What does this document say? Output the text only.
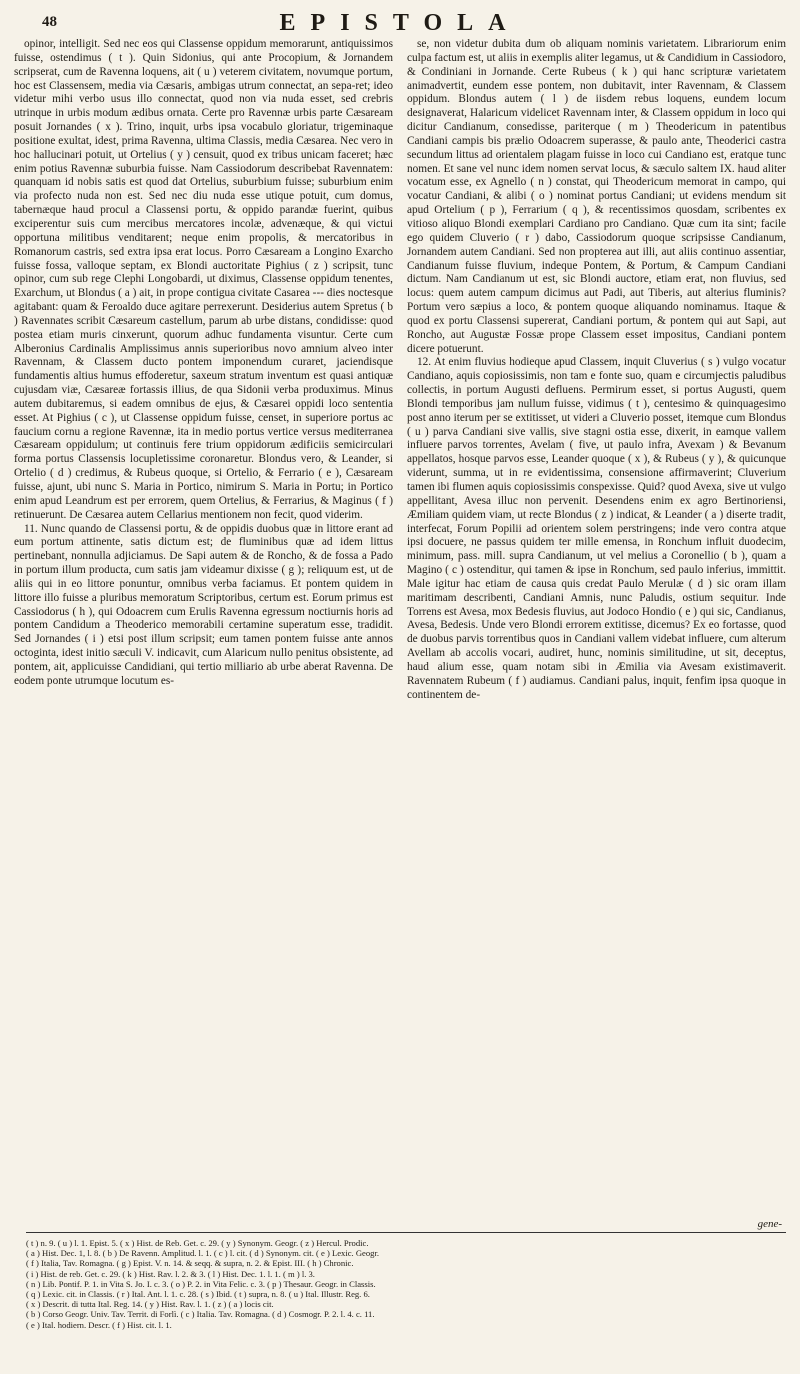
48	EPISTOLA

opinor, intelligit. Sed nec eos qui Classense oppidum memorarunt, antiquissimos fuisse, ostendimus ( t ). Quin Sidonius, qui ante Procopium, & Jornandem scripserat, cum de Ravenna loquens, ait ( u ) veterem civitatem, novumque portum, hoc est Classensem, media via Cæsaris, ambigas utrum connectat, an sepa-ret; ideo videtur mihi verbo usus illo connectat, quod non via nuda esset, sed crebris utrinque in urbis modum ædibus ornata. Certe pro Ravennæ urbis parte Cæsaream posuit Jornandes ( x ). Trino, inquit, urbs ipsa vocabulo gloriatur, trigeminaque positione exultat, idest, prima Ravenna, ultima Classis, media Cæsarea. Nec vero in hoc hallucinari potuit, ut Ortelius ( y ) censuit, quod ex tribus unicam faceret; hæc enim potius Ravennæ suburbia fuisse. Nam Cassiodorum describebat Ravennatem: quanquam id nobis satis est quod dat Ortelius, suburbium fuisse; suburbium enim via profecto nuda non est. Sed nec diu nuda esse utique potuit, cum domus, tabernæque haud procul a Classensi portu, & oppido parandæ fuerint, quibus exciperentur suis cum mercibus mercatores incolæ, advenæque, & qui victui opportuna militibus venditarent; neque enim propolis, & mercatoribus in Romanorum castris, sed extra ipsa erat locus. Porro Cæsaream a Longino Exarcho fuisse fossa, valloque septam, ex Blondi auctoritate Pighius ( z ) scripsit, tunc opinor, cum sub rege Clephi Longobardi, ut diximus, Classense oppidum tenentes, Exarchum, ut Blondus ( a ) ait, in prope contigua civitate Casarea --- dies noctesque agitabant: quam & Feroaldo duce agitare perrexerunt. Desiderius autem Spretus ( b ) Ravennates scribit Cæsareum castellum, parum ab urbe distans, condidisse: quod postea etiam muris cinxerunt, quorum adhuc fundamenta visuntur. Certe cum Alberonius Cardinalis Amplissimus annis superioribus novo amnium alveo inter Ravennam, & Classem ducto pontem imponendum curaret, jaciendisque fundamentis altius humus effoderetur, saxeum stratum inventum est quasi antiquæ cujusdam viæ, Cæsareæ fortassis illius, de qua Sidonii verba produximus. Minus autem dubitaremus, si eadem omnibus de ejus, & Cæsarei oppidi loco sententia esset. At Pighius ( c ), ut Classense oppidum fuisse, censet, in superiore portus ac faucium cornu a regione Ravennæ, ita in medio portus vertice versus mediterranea Cæsaream oppidulum; ut continuis fere trium oppidorum ædificiis semicirculari forma portus Classensis locupletissime coronaretur. Blondus vero, & Leander, si Ortelio ( d ) credimus, & Rubeus quoque, si Ortelio, & Ferrario ( e ), Cæsaream fuisse, ajunt, ubi nunc S. Maria in Portico, nimirum S. Maria in Portu; in Portico enim apud Leandrum est per errorem, quem Ortelius, & Ferrarius, & Maginus ( f ) retinuerunt. De Cæsarea autem Cellarius mentionem non fecit, quod viderim.

11. Nunc quando de Classensi portu, & de oppidis duobus quæ in littore erant ad eum portum attinente, satis dictum est; de fluminibus quæ ad idem littus pertinebant, nonnulla adjiciamus. De Sapi autem & de Roncho, & de fossa a Pado in portum illum producta, cum satis jam videamur dixisse ( g ); reliquum est, ut de aliis qui in eo littore ponuntur, omnibus verba faciamus. Et pontem quidem in littore illo fuisse a pluribus memoratum Scriptoribus, certum est. Eorum primus est Cassiodorus ( h ), qui Odoacrem cum Erulis Ravenna egressum noctiurnis horis ad pontem Candidum a Theoderico memorabili certamine superatum esse, tradidit. Sed Jornandes ( i ) etsi post illum scripsit; eum tamen pontem fuisse ante annos octoginta, idest initio sæculi V. indicavit, cum Alaricum nullo penitus obsistente, ad pontem, ait, applicuisse Candidiani, qui tertio milliario ab urbe aberat Ravenna. De eodem ponte utrumque locutum es-

se, non videtur dubita dum ob aliquam nominis varietatem. Librariorum enim culpa factum est, ut aliis in exemplis aliter legamus, ut & Candidium in Cassiodoro, & Condiniani in Jornande. Certe Rubeus ( k ) qui hanc scripturæ varietatem animadvertit, eundem esse pontem, non dubitavit, inter Ravennam, & Classem oppidum. Blondus autem ( l ) de iisdem rebus loquens, eundem locum designaverat, Halaricum videlicet Ravennam inter, & Classem oppidum in loco qui dicitur Candianum, consedisse, pariterque ( m ) Theodericum in patentibus Candiani campis bis prælio Odoacrem superasse, & paulo ante, Theoderici castra secundum littus ad orientalem plagam fuisse in loco cui Candiano est, eratque tunc nomen. Et sane vel nunc idem nomen servat locus, & sæculo saltem IX. haud aliter vocatum esse, ex Agnello ( n ) constat, qui Theodericum memorat in campo, qui vocatur Candiani, & alibi ( o ) nominat portus Candiani; ut evidens mendum sit apud Ortelium ( p ), Ferrarium ( q ), & recentissimos quosdam, scribentes ex vitioso aliquo Blondi exemplari Cardiano pro Candiano. Quæ cum ita sint; facile ego quidem Cluverio ( r ) dabo, Cassiodorum quoque scripsisse Candianum, Jornandem autem Candiani. Sed non propterea aut illi, aut aliis continuo assentiar, Candianum fuisse fluvium, indeque Pontem, & Portum, & Campum Candiani dictum. Nam Candianum ut est, sic Blondi auctore, etiam erat, non fluvius, sed locus: quem autem campum dicimus aut Padi, aut Tiberis, aut alterius fluminis? Portum vero sæpius a loco, & pontem quoque aliquando nominamus. Itaque & quod ex portu Classensi supererat, Candiani portum, & pontem qui aut Sapi, aut Roncho, aut Augustæ Fossæ prope Classem esset impositus, Candiani pontem dicere potuerunt.

12. At enim fluvius hodieque apud Classem, inquit Cluverius ( s ) vulgo vocatur Candiano, aquis copiosissimis, non tam e fonte suo, quam e circumjectis paludibus collectis, in portum Augusti defluens. Permirum esset, si portus Augusti, quem Blondi temporibus jam nullum fuisse, vidimus ( t ), centesimo & quinquagesimo post anno iterum per se extitisset, ut videri a Cluverio posset, itemque cum Blondus ( u ) parva Candiani sive vallis, sive stagni ostia esse, dixerit, in eamque vallem influere parvos torrentes, Avelam ( five, ut paulo infra, Avexam ) & Bevanum appellatos, hosque parvos esse, Leander quoque ( x ), & Rubeus ( y ), & quicunque viderunt, summa, ut in re evidentissima, consensione affirmaverint; Cluverium tamen ibi flumen aquis copiosissimis conspexisse. Quid? quod Avexa, sive ut vulgo appellitant, Avesa illuc non pervenit. Desendens enim ex agro Bertinoriensi, Æmiliam quidem viam, ut recte Blondus ( z ) indicat, & Leander ( a ) diserte tradit, interfecat, Forum Popilii ad orientem solem perstringens; inde vero contra atque ipsi docuere, ne passus quidem ter mille emensa, in Ronchum influit duodecim, minimum, pass. mill. supra Candianum, ut vel melius a Coronellio ( b ), quam a Magino ( c ) ostenditur, qui tamen & ipse in Ronchum, sed paulo inferius, immittit. Male igitur hac etiam de causa quis credat Paulo Merulæ ( d ) sic oram illam maritimam describenti, Candiani Amnis, nunc Paludis, ostium sequitur. Inde Torrens est Avesa, mox Bedesis fluvius, aut Jodoco Hondio ( e ) qui sic, Candianus, Avesa, Bedesis. Unde vero Blondi errorem extitisse, dicemus? Ex eo fortasse, quod de duobus parvis torrentibus quos in Candiani vallem videbat influere, cum alterum Avellam ab accolis vocari, audiret, hunc, nominis similitudine, ut sit, deceptus, haud alium esse, quam notam sibi in Æmilia via Avesam existimaverit. Ravennatem Rubeum ( f ) audiamus. Candiani palus, inquit, fenfim ipsa quoque in continentem de-

gene-
( t ) n. 9. ( u ) l. 1. Epist. 5. ( x ) Hist. de Reb. Get. c. 29. ( y ) Synonym. Geogr. ( z ) Hercul. Prodic.
( a ) Hist. Dec. 1, l. 8. ( b ) De Ravenn. Amplitud. l. 1. ( c ) l. cit. ( d ) Synonym. cit. ( e ) Lexic. Geogr.
( f ) Italia, Tav. Romagna. ( g ) Epist. V. n. 14. & seqq. & supra, n. 2. & Epist. III. ( h ) Chronic.
( i ) Hist. de reb. Get. c. 29. ( k ) Hist. Rav. l. 2. & 3. ( l ) Hist. Dec. 1. l. 1. ( m ) l. 3.
( n ) Lib. Pontif. P. 1. in Vita S. Jo. I. c. 3. ( o ) P. 2. in Vita Felic. c. 3. ( p ) Thesaur. Geogr. in Classis.
( q ) Lexic. cit. in Classis. ( r ) Ital. Ant. l. 1. c. 28. ( s ) Ibid. ( t ) supra, n. 8. ( u ) Ital. Illustr. Reg. 6.
( x ) Descrit. di tutta Ital. Reg. 14. ( y ) Hist. Rav. l. 1. ( z ) ( a ) locis cit.
( b ) Corso Geogr. Univ. Tav. Territ. di Forlì. ( c ) Italia. Tav. Romagna. ( d ) Cosmogr. P. 2. l. 4. c. 11.
( e ) Ital. hodiern. Descr. ( f ) Hist. cit. l. 1.
